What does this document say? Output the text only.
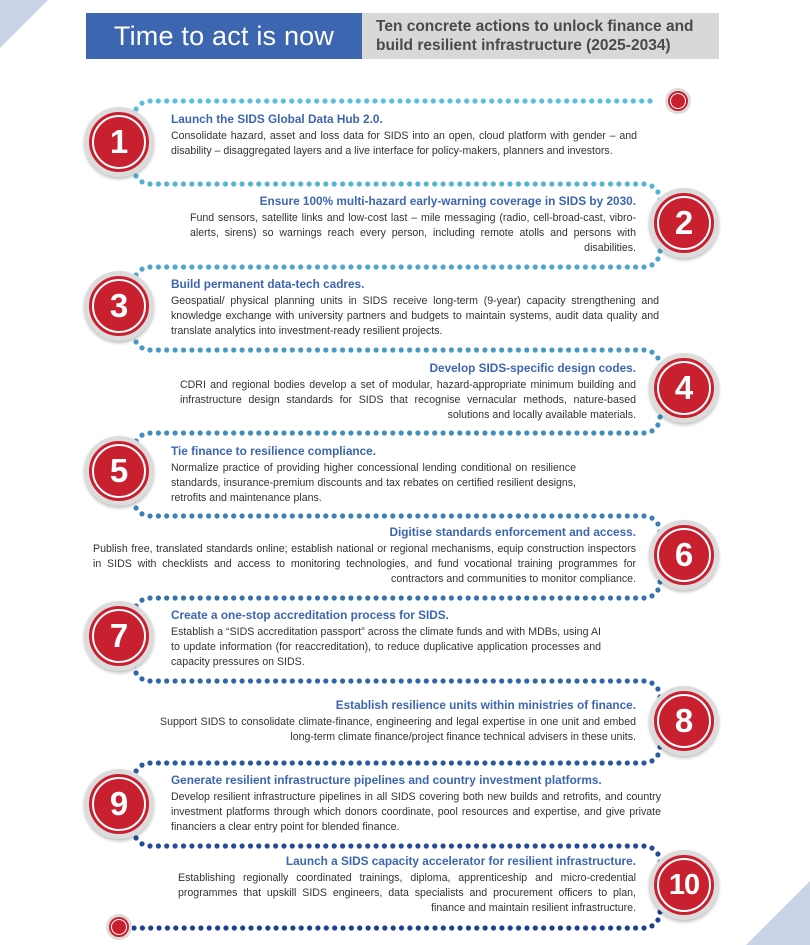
Time to act is now	Ten concrete actions to unlock finance and
build resilient infrastructure (2025-2034)
1
2
3
4
5
6
7
8
9
10
Launch the SIDS Global Data Hub 2.0.
Consolidate hazard, asset and loss data for SIDS into an open, cloud platform with gender – and disability – disaggregated layers and a live interface for policy-makers, planners and investors.
Ensure 100% multi-hazard early-warning coverage in SIDS by 2030.
Fund sensors, satellite links and low-cost last – mile messaging (radio, cell-broad-cast, vibro-alerts, sirens) so warnings reach every person, including remote atolls and persons with disabilities.
Build permanent data-tech cadres.
Geospatial/ physical planning units in SIDS receive long-term (9-year) capacity strengthening and knowledge exchange with university partners and budgets to maintain systems, audit data quality and translate analytics into investment-ready resilient projects.
Develop SIDS-specific design codes.
CDRI and regional bodies develop a set of modular, hazard-appropriate minimum building and infrastructure design standards for SIDS that recognise vernacular methods, nature-based solutions and locally available materials.
Tie finance to resilience compliance.
Normalize practice of providing higher concessional lending conditional on resilience standards, insurance-premium discounts and tax rebates on certified resilient designs, retrofits and maintenance plans.
Digitise standards enforcement and access.
Publish free, translated standards online; establish national or regional mechanisms, equip construction inspectors in SIDS with checklists and access to monitoring technologies, and fund vocational training programmes for contractors and communities to monitor compliance.
Create a one-stop accreditation process for SIDS.
Establish a “SIDS accreditation passport” across the climate funds and with MDBs, using AI to update information (for reaccreditation), to reduce duplicative application processes and capacity pressures on SIDS.
Establish resilience units within ministries of finance.
Support SIDS to consolidate climate-finance, engineering and legal expertise in one unit and embed long-term climate finance/project finance technical advisers in these units.
Generate resilient infrastructure pipelines and country investment platforms.
Develop resilient infrastructure pipelines in all SIDS covering both new builds and retrofits, and country investment platforms through which donors coordinate, pool resources and expertise, and give private financiers a clear entry point for blended finance.
Launch a SIDS capacity accelerator for resilient infrastructure.
Establishing regionally coordinated trainings, diploma, apprenticeship and micro-credential programmes that upskill SIDS engineers, data specialists and procurement officers to plan, finance and maintain resilient infrastructure.
